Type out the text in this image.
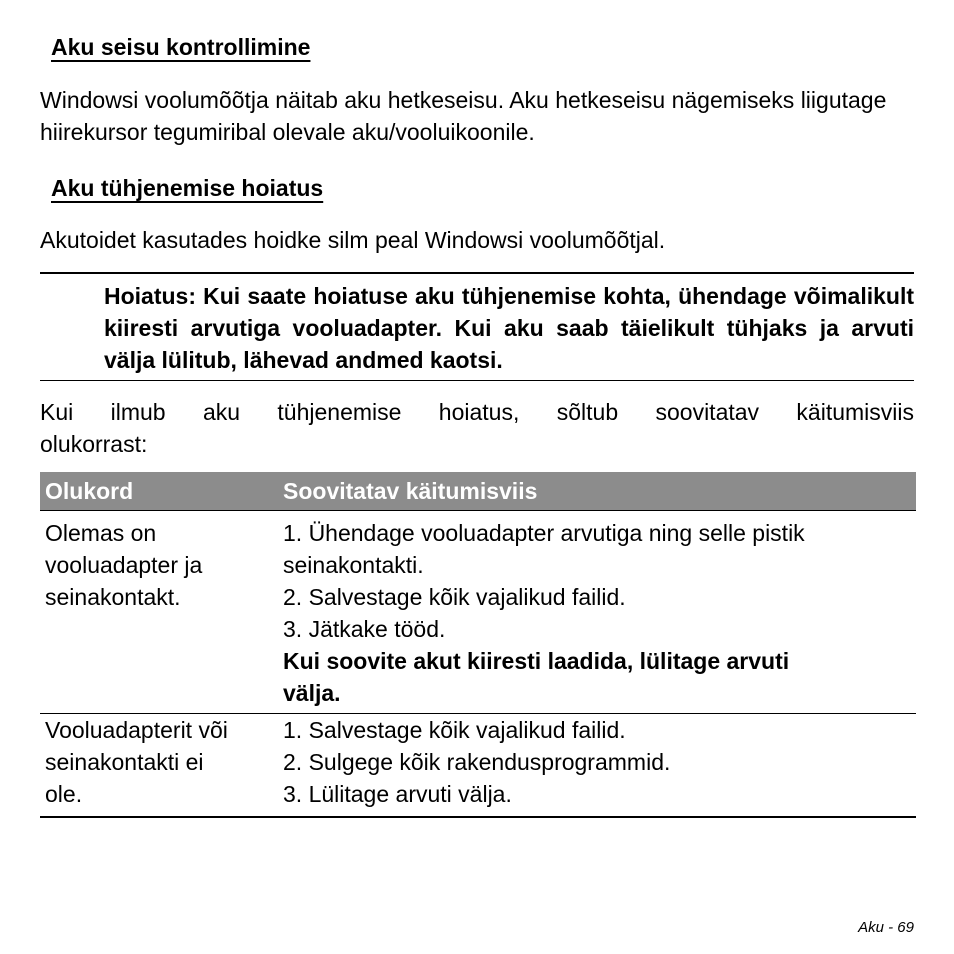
Aku seisu kontrollimine
Windowsi voolumõõtja näitab aku hetkeseisu. Aku hetkeseisu nägemiseks liigutage hiirekursor tegumiribal olevale aku/vooluikoonile.
Aku tühjenemise hoiatus
Akutoidet kasutades hoidke silm peal Windowsi voolumõõtjal.
Hoiatus: Kui saate hoiatuse aku tühjenemise kohta, ühendage võimalikult kiiresti arvutiga vooluadapter. Kui aku saab täielikult tühjaks ja arvuti välja lülitub, lähevad andmed kaotsi.
Kui ilmub aku tühjenemise hoiatus, sõltub soovitatav käitumisviis
olukorrast:
Olukord	Soovitatav käitumisviis
Olemas on
vooluadapter ja
seinakontakt.
1. Ühendage vooluadapter arvutiga ning selle pistik
seinakontakti.
2. Salvestage kõik vajalikud failid.
3. Jätkake tööd.
Kui soovite akut kiiresti laadida, lülitage arvuti
välja.
Vooluadapterit või
seinakontakti ei
ole.
1. Salvestage kõik vajalikud failid.
2. Sulgege kõik rakendusprogrammid.
3. Lülitage arvuti välja.
Aku - 69
